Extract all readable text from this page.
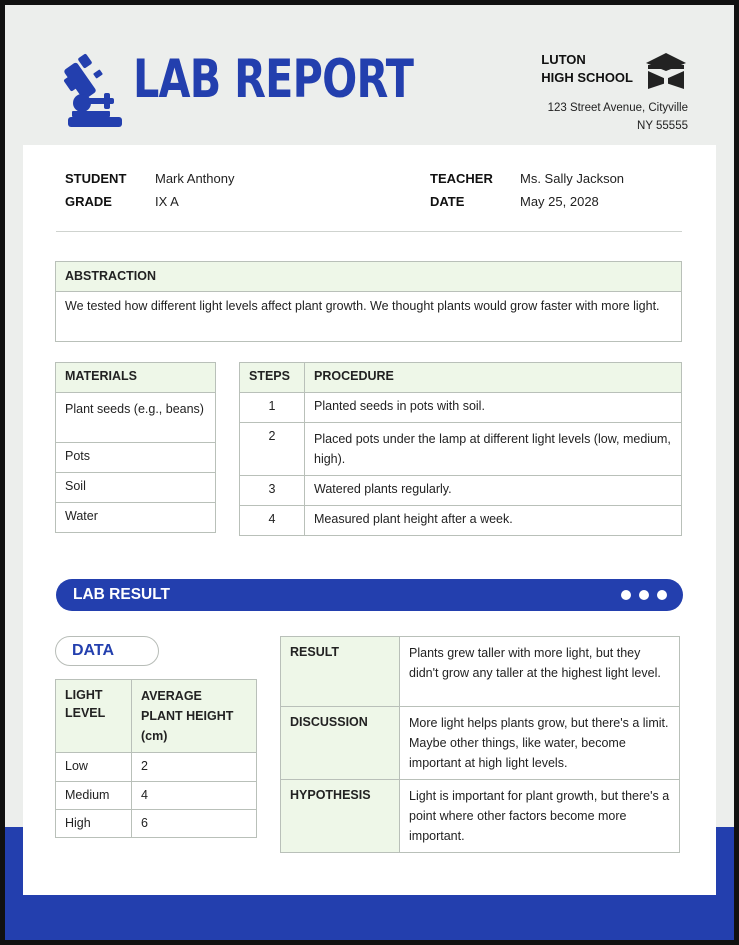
LAB REPORT	LUTON
HIGH SCHOOL
123 Street Avenue, Cityville
NY 55555
STUDENT Mark Anthony
GRADE	IX A
TEACHER Ms. Sally Jackson
DATE	May 25, 2028
ABSTRACTION
We tested how different light levels affect plant growth. We thought plants would grow faster with more light.
MATERIALS
Plant seeds (e.g., beans)
Pots
Soil
Water
STEPS	PROCEDURE
1	Planted seeds in pots with soil.
2	Placed pots under the lamp at different light levels (low, medium, high).
3	Watered plants regularly.
4	Measured plant height after a week.
LAB RESULT
DATA
LIGHT LEVEL	AVERAGE PLANT HEIGHT (cm)
Low	2
Medium	4
High	6
RESULT	Plants grew taller with more light, but they didn't grow any taller at the highest light level.
DISCUSSION	More light helps plants grow, but there's a limit. Maybe other things, like water, become important at high light levels.
HYPOTHESIS	Light is important for plant growth, but there's a point where other factors become more important.
